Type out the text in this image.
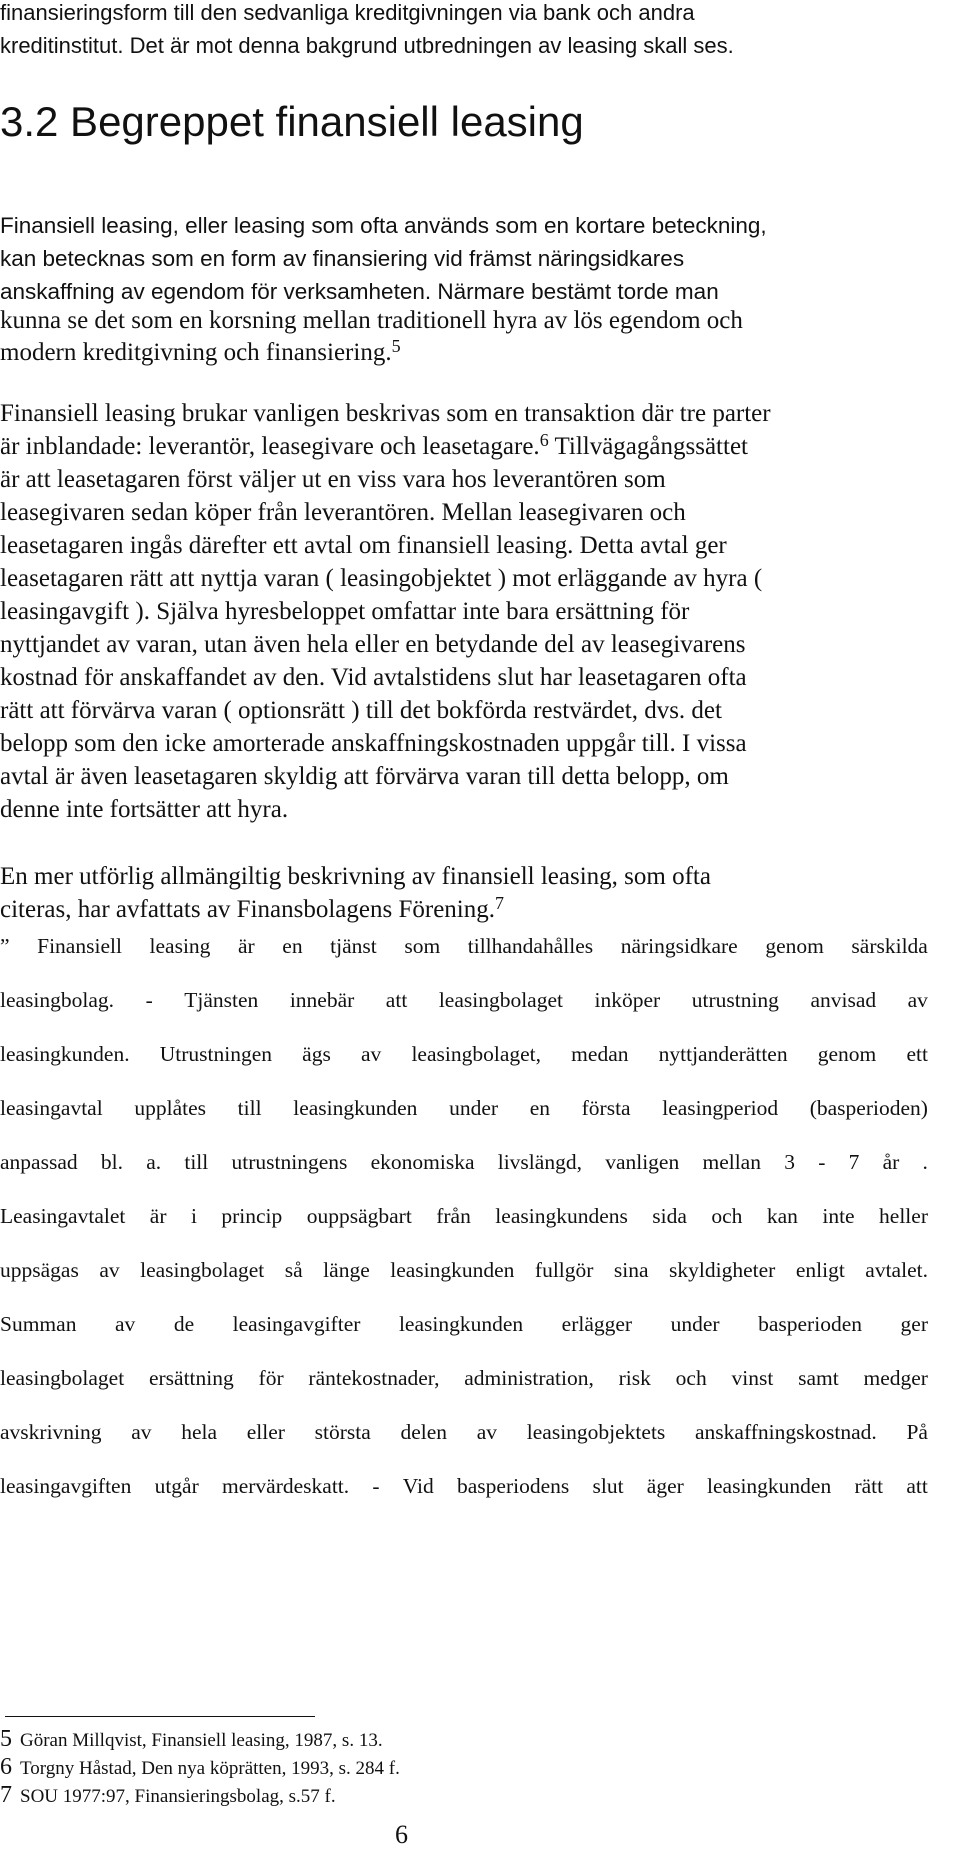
finansieringsform till den sedvanliga kreditgivningen via bank och andra
kreditinstitut. Det är mot denna bakgrund utbredningen av leasing skall ses.
3.2 Begreppet finansiell leasing
Finansiell leasing, eller leasing som ofta används som en kortare beteckning,
kan betecknas som en form av finansiering vid främst näringsidkares
anskaffning av egendom för verksamheten. Närmare bestämt torde man
kunna se det som en korsning mellan traditionell hyra av lös egendom och
modern kreditgivning och finansiering.$^5$
Finansiell leasing brukar vanligen beskrivas som en transaktion där tre parter
är inblandade: leverantör, leasegivare och leasetagare.$^6$ Tillvägagångssättet
är att leasetagaren först väljer ut en viss vara hos leverantören som
leasegivaren sedan köper från leverantören. Mellan leasegivaren och
leasetagaren ingås därefter ett avtal om finansiell leasing. Detta avtal ger
leasetagaren rätt att nyttja varan ( leasingobjektet ) mot erläggande av hyra (
leasingavgift ). Själva hyresbeloppet omfattar inte bara ersättning för
nyttjandet av varan, utan även hela eller en betydande del av leasegivarens
kostnad för anskaffandet av den. Vid avtalstidens slut har leasetagaren ofta
rätt att förvärva varan ( optionsrätt ) till det bokförda restvärdet, dvs. det
belopp som den icke amorterade anskaffningskostnaden uppgår till. I vissa
avtal är även leasetagaren skyldig att förvärva varan till detta belopp, om
denne inte fortsätter att hyra.
En mer utförlig allmängiltig beskrivning av finansiell leasing, som ofta
citeras, har avfattats av Finansbolagens Förening.$^7$
” Finansiell leasing är en tjänst som tillhandahålles näringsidkare genom särskilda
leasingbolag. - Tjänsten innebär att leasingbolaget inköper utrustning anvisad av
leasingkunden. Utrustningen ägs av leasingbolaget, medan nyttjanderätten genom ett
leasingavtal upplåtes till leasingkunden under en första leasingperiod (basperioden)
anpassad bl. a. till utrustningens ekonomiska livslängd, vanligen mellan 3 - 7 år .
Leasingavtalet är i princip ouppsägbart från leasingkundens sida och kan inte heller
uppsägas av leasingbolaget så länge leasingkunden fullgör sina skyldigheter enligt avtalet.
Summan av de leasingavgifter leasingkunden erlägger under basperioden ger
leasingbolaget ersättning för räntekostnader, administration, risk och vinst samt medger
avskrivning av hela eller största delen av leasingobjektets anskaffningskostnad. På
leasingavgiften utgår mervärdeskatt. - Vid basperiodens slut äger leasingkunden rätt att
5 Göran Millqvist, Finansiell leasing, 1987, s. 13.
6 Torgny Håstad, Den nya köprätten, 1993, s. 284 f.
7 SOU 1977:97, Finansieringsbolag, s.57 f.
6
